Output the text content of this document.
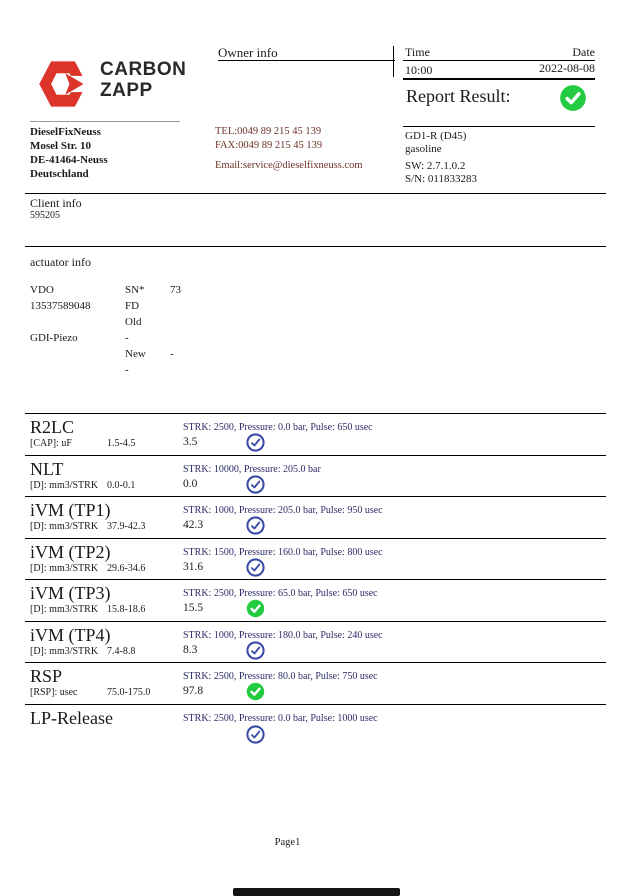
CARBON
ZAPP
Owner info	Time	Date
10:00	2022-08-08
Report Result:
DieselFixNeuss
Mosel Str. 10
DE-41464-Neuss
Deutschland
TEL:0049 89 215 45 139
FAX:0049 89 215 45 139
Email:service@dieselfixneuss.com
GD1-R (D45)
gasoline
SW: 2.7.1.0.2
S/N: 011833283
Client info
595205
actuator info
VDO	SN* 73
13537589048	FD
Old
GDI-Piezo	-
New -
-
R2LC	STRK: 2500, Pressure: 0.0 bar, Pulse: 650 usec
[CAP]: uF	1.5-4.5	3.5
NLT	STRK: 10000, Pressure: 205.0 bar
[D]: mm3/STRK 0.0-0.1	0.0
iVM (TP1)	STRK: 1000, Pressure: 205.0 bar, Pulse: 950 usec
[D]: mm3/STRK 37.9-42.3	42.3
iVM (TP2)	STRK: 1500, Pressure: 160.0 bar, Pulse: 800 usec
[D]: mm3/STRK 29.6-34.6	31.6
iVM (TP3)	STRK: 2500, Pressure: 65.0 bar, Pulse: 650 usec
[D]: mm3/STRK 15.8-18.6	15.5
iVM (TP4)	STRK: 1000, Pressure: 180.0 bar, Pulse: 240 usec
[D]: mm3/STRK 7.4-8.8	8.3
RSP	STRK: 2500, Pressure: 80.0 bar, Pulse: 750 usec
[RSP]: usec	75.0-175.0	97.8
LP-Release	STRK: 2500, Pressure: 0.0 bar, Pulse: 1000 usec
Page1
